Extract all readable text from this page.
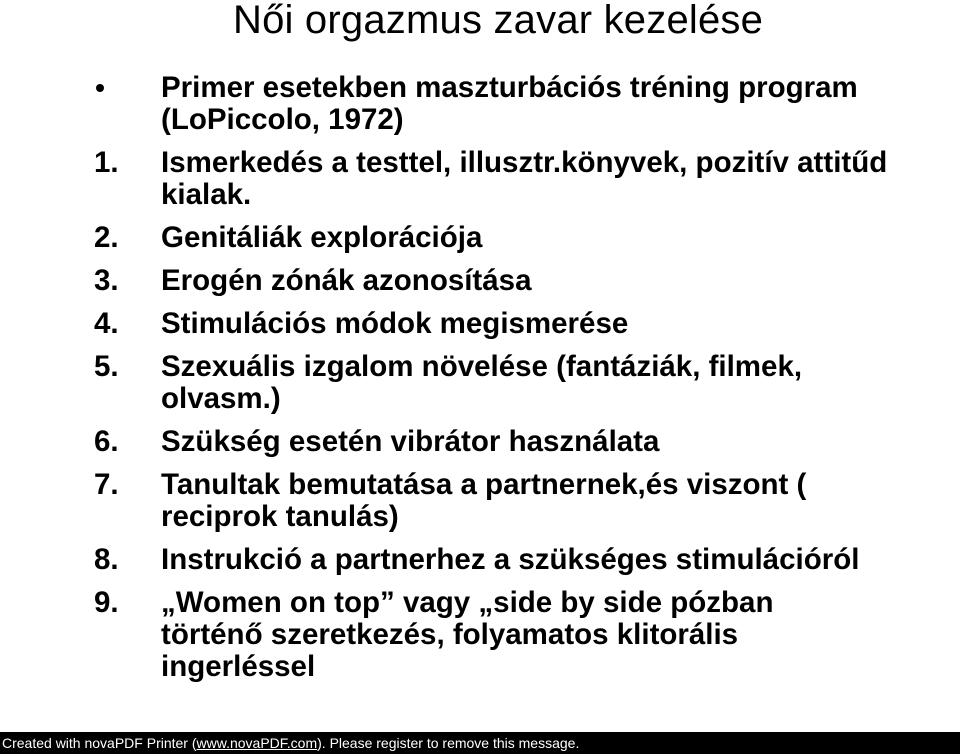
Női orgazmus zavar kezelése
Primer esetekben maszturbációs tréning program (LoPiccolo, 1972)
1. Ismerkedés a testtel, illusztr.könyvek, pozitív attitűd kialak.
2. Genitáliák explorációja
3. Erogén zónák azonosítása
4. Stimulációs módok megismerése
5. Szexuális izgalom növelése (fantáziák, filmek, olvasm.)
6. Szükség esetén vibrátor használata
7. Tanultak bemutatása a partnernek,és viszont ( reciprok tanulás)
8. Instrukció a partnerhez a szükséges stimulációról
9. „Women on top” vagy „side by side pózban történő szeretkezés, folyamatos klitorális ingerléssel
Created with novaPDF Printer (www.novaPDF.com). Please register to remove this message.
